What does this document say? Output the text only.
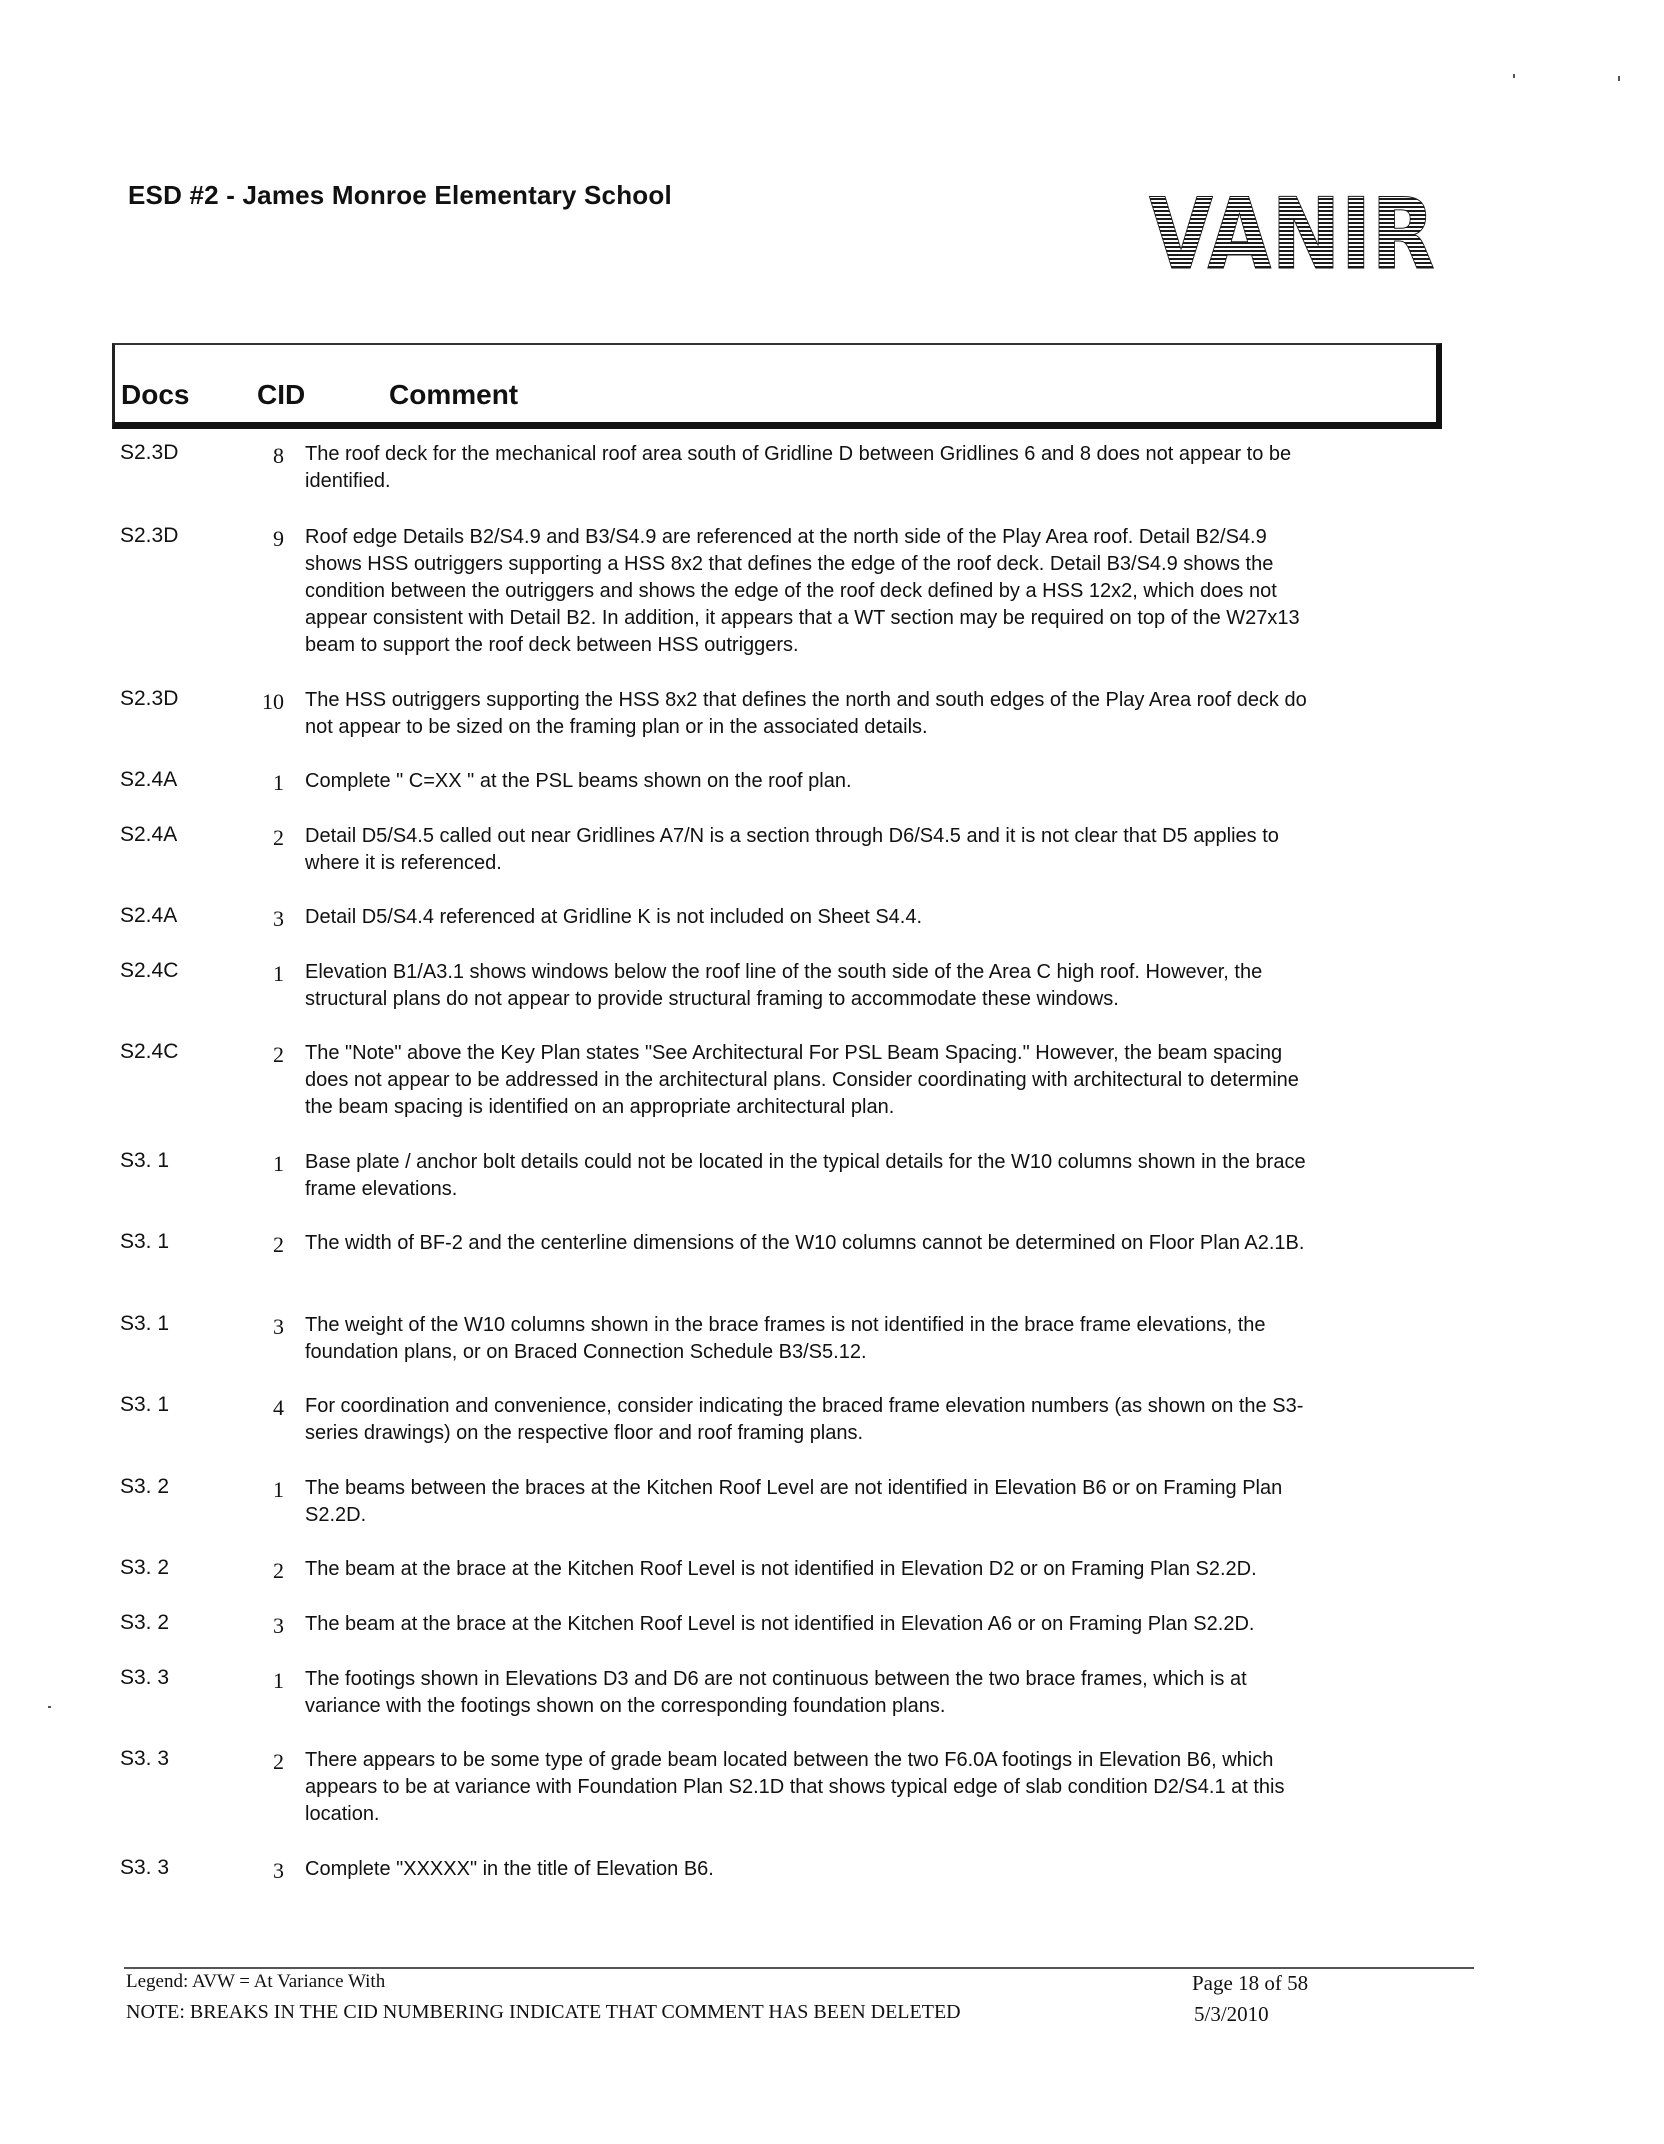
ESD #2 - James Monroe Elementary School	VANIR
Docs CID	Comment
S2.3D	8 The roof deck for the mechanical roof area south of Gridline D between Gridlines 6 and 8 does not appear to be identified.
S2.3D	9 Roof edge Details B2/S4.9 and B3/S4.9 are referenced at the north side of the Play Area roof. Detail B2/S4.9 shows HSS outriggers supporting a HSS 8x2 that defines the edge of the roof deck. Detail B3/S4.9 shows the condition between the outriggers and shows the edge of the roof deck defined by a HSS 12x2, which does not appear consistent with Detail B2. In addition, it appears that a WT section may be required on top of the W27x13 beam to support the roof deck between HSS outriggers.
S2.3D	10 The HSS outriggers supporting the HSS 8x2 that defines the north and south edges of the Play Area roof deck do not appear to be sized on the framing plan or in the associated details.
S2.4A	1 Complete " C=XX " at the PSL beams shown on the roof plan.
S2.4A	2 Detail D5/S4.5 called out near Gridlines A7/N is a section through D6/S4.5 and it is not clear that D5 applies to where it is referenced.
S2.4A	3 Detail D5/S4.4 referenced at Gridline K is not included on Sheet S4.4.
S2.4C	1 Elevation B1/A3.1 shows windows below the roof line of the south side of the Area C high roof. However, the structural plans do not appear to provide structural framing to accommodate these windows.
S2.4C	2 The "Note" above the Key Plan states "See Architectural For PSL Beam Spacing." However, the beam spacing does not appear to be addressed in the architectural plans. Consider coordinating with architectural to determine the beam spacing is identified on an appropriate architectural plan.
S3. 1	1 Base plate / anchor bolt details could not be located in the typical details for the W10 columns shown in the brace frame elevations.
S3. 1	2 The width of BF-2 and the centerline dimensions of the W10 columns cannot be determined on Floor Plan A2.1B.
S3. 1	3 The weight of the W10 columns shown in the brace frames is not identified in the brace frame elevations, the foundation plans, or on Braced Connection Schedule B3/S5.12.
S3. 1	4 For coordination and convenience, consider indicating the braced frame elevation numbers (as shown on the S3-series drawings) on the respective floor and roof framing plans.
S3. 2	1 The beams between the braces at the Kitchen Roof Level are not identified in Elevation B6 or on Framing Plan S2.2D.
S3. 2	2 The beam at the brace at the Kitchen Roof Level is not identified in Elevation D2 or on Framing Plan S2.2D.
S3. 2	3 The beam at the brace at the Kitchen Roof Level is not identified in Elevation A6 or on Framing Plan S2.2D.
S3. 3	1 The footings shown in Elevations D3 and D6 are not continuous between the two brace frames, which is at variance with the footings shown on the corresponding foundation plans.
S3. 3	2 There appears to be some type of grade beam located between the two F6.0A footings in Elevation B6, which appears to be at variance with Foundation Plan S2.1D that shows typical edge of slab condition D2/S4.1 at this location.
S3. 3	3 Complete "XXXXX" in the title of Elevation B6.
Legend: AVW = At Variance With
NOTE: BREAKS IN THE CID NUMBERING INDICATE THAT COMMENT HAS BEEN DELETED
Page 18 of 58
5/3/2010
